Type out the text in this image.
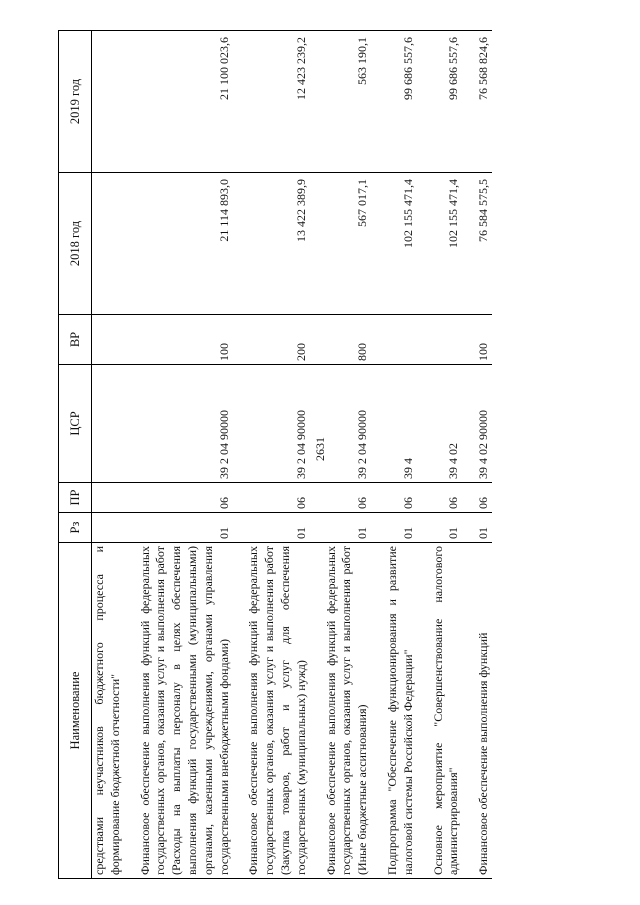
2631
Наименование	Рз	ПР	ЦСР	ВР	2018 год	2019 год
средствами неучастников бюджетного процесса и формирование бюджетной отчетности"						

Финансовое обеспечение выполнения функций федеральных государственных органов, оказания услуг и выполнения работ (Расходы на выплаты персоналу в целях обеспечения выполнения функций государственными (муниципальными) органами, казенными учреждениями, органами управления государственными внебюджетными фондами)	01	06	39 2 04 90000	100	21 114 893,0	21 100 023,6

Финансовое обеспечение выполнения функций федеральных государственных органов, оказания услуг и выполнения работ (Закупка товаров, работ и услуг для обеспечения государственных (муниципальных) нужд)	01	06	39 2 04 90000	200	13 422 389,9	12 423 239,2

Финансовое обеспечение выполнения функций федеральных государственных органов, оказания услуг и выполнения работ (Иные бюджетные ассигнования)	01	06	39 2 04 90000	800	567 017,1	563 190,1

Подпрограмма "Обеспечение функционирования и развитие налоговой системы Российской Федерации"	01	06	39 4		102 155 471,4	99 686 557,6

Основное мероприятие "Совершенствование налогового администрирования"	01	06	39 4 02		102 155 471,4	99 686 557,6

Финансовое обеспечение выполнения функций	01	06	39 4 02 90000	100	76 584 575,5	76 568 824,6
